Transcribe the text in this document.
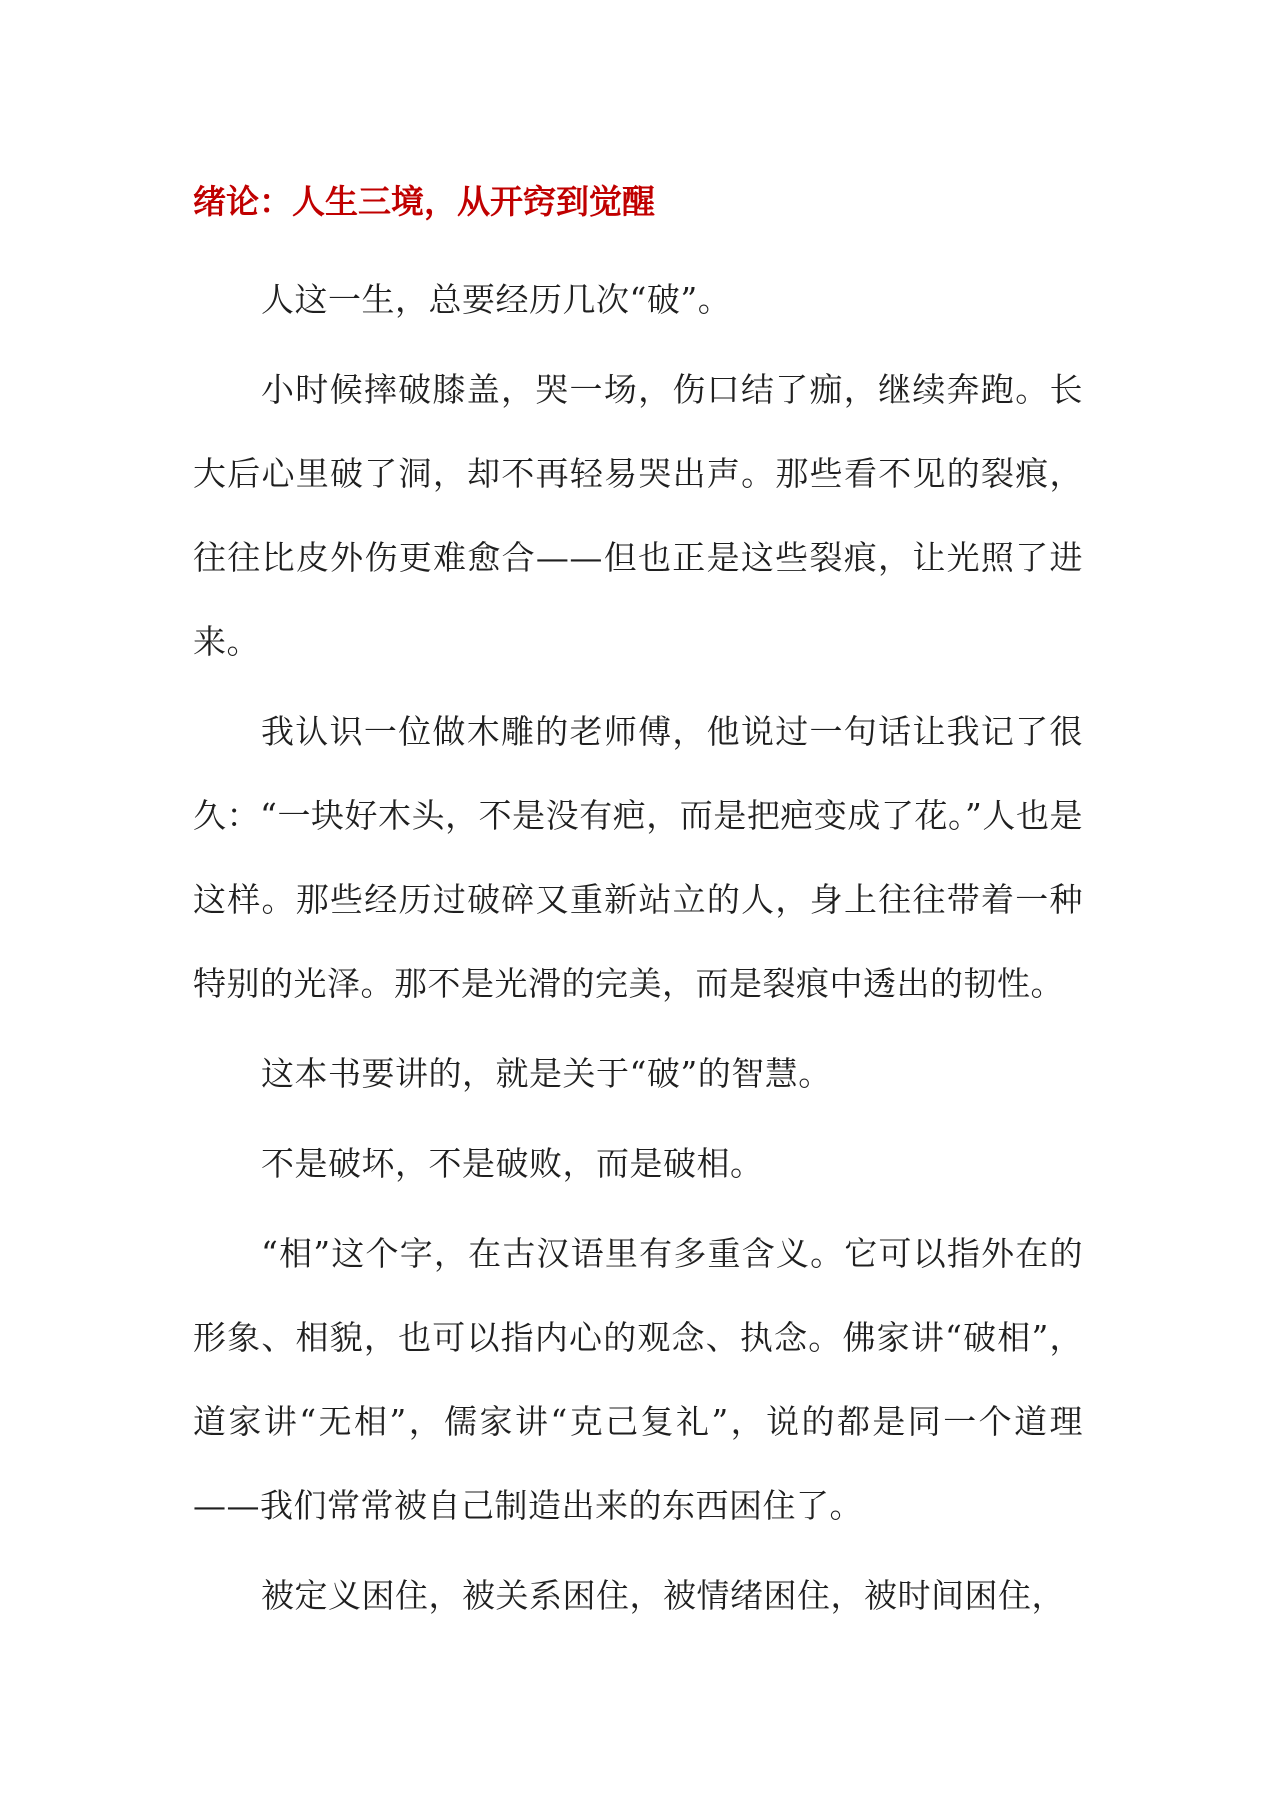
绪论：人生三境，从开窍到觉醒

人这一生，总要经历几次“破”。

小时候摔破膝盖，哭一场，伤口结了痂，继续奔跑。长大后心里破了洞，却不再轻易哭出声。那些看不见的裂痕，往往比皮外伤更难愈合——但也正是这些裂痕，让光照了进来。

我认识一位做木雕的老师傅，他说过一句话让我记了很久：“一块好木头，不是没有疤，而是把疤变成了花。”人也是这样。那些经历过破碎又重新站立的人，身上往往带着一种特别的光泽。那不是光滑的完美，而是裂痕中透出的韧性。

这本书要讲的，就是关于“破”的智慧。

不是破坏，不是破败，而是破相。

“相”这个字，在古汉语里有多重含义。它可以指外在的形象、相貌，也可以指内心的观念、执念。佛家讲“破相”，道家讲“无相”，儒家讲“克己复礼”，说的都是同一个道理——我们常常被自己制造出来的东西困住了。

被定义困住，被关系困住，被情绪困住，被时间困住，
